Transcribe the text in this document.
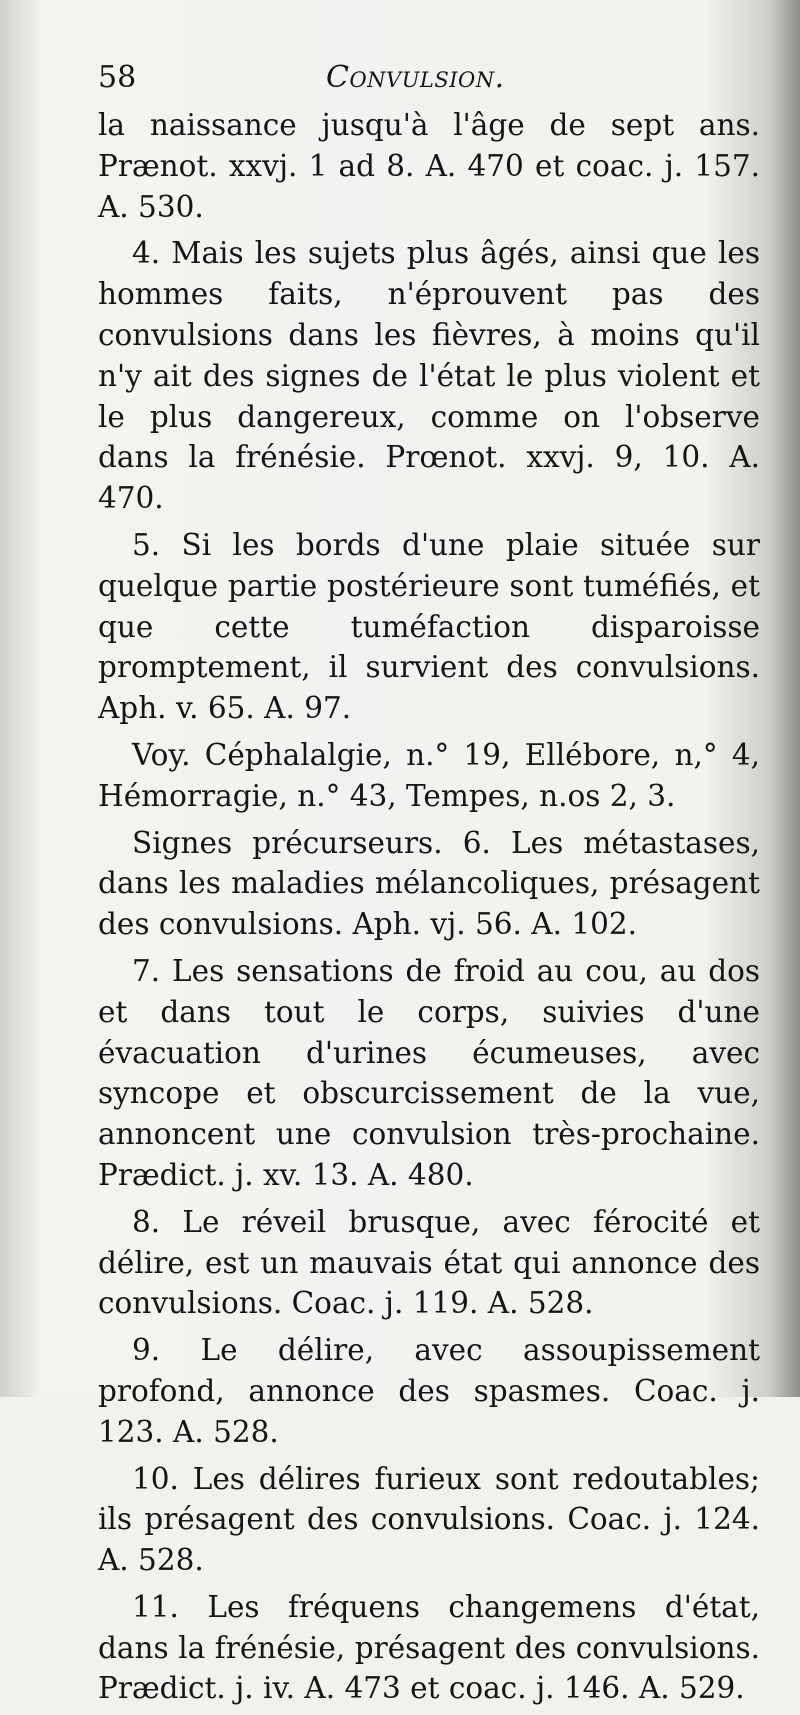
58	Convulsion.

la naissance jusqu'à l'âge de sept ans. Prænot. xxvj. 1 ad 8. A. 470 et coac. j. 157. A. 530.

4. Mais les sujets plus âgés, ainsi que les hommes faits, n'éprouvent pas des convulsions dans les fièvres, à moins qu'il n'y ait des signes de l'état le plus violent et le plus dangereux, comme on l'observe dans la frénésie. Prœnot. xxvj. 9, 10. A. 470.

5. Si les bords d'une plaie située sur quelque partie postérieure sont tuméfiés, et que cette tuméfaction disparoisse promptement, il survient des convulsions. Aph. v. 65. A. 97.

Voy. Céphalalgie, n.° 19, Ellébore, n,° 4, Hémorragie, n.° 43, Tempes, n.os 2, 3.

Signes précurseurs. 6. Les métastases, dans les maladies mélancoliques, présagent des convulsions. Aph. vj. 56. A. 102.

7. Les sensations de froid au cou, au dos et dans tout le corps, suivies d'une évacuation d'urines écumeuses, avec syncope et obscurcissement de la vue, annoncent une convulsion très-prochaine. Prædict. j. xv. 13. A. 480.

8. Le réveil brusque, avec férocité et délire, est un mauvais état qui annonce des convulsions. Coac. j. 119. A. 528.

9. Le délire, avec assoupissement profond, annonce des spasmes. Coac. j. 123. A. 528.

10. Les délires furieux sont redoutables; ils présagent des convulsions. Coac. j. 124. A. 528.

11. Les fréquens changemens d'état, dans la frénésie, présagent des convulsions. Prædict. j. iv. A. 473 et coac. j. 146. A. 529.
